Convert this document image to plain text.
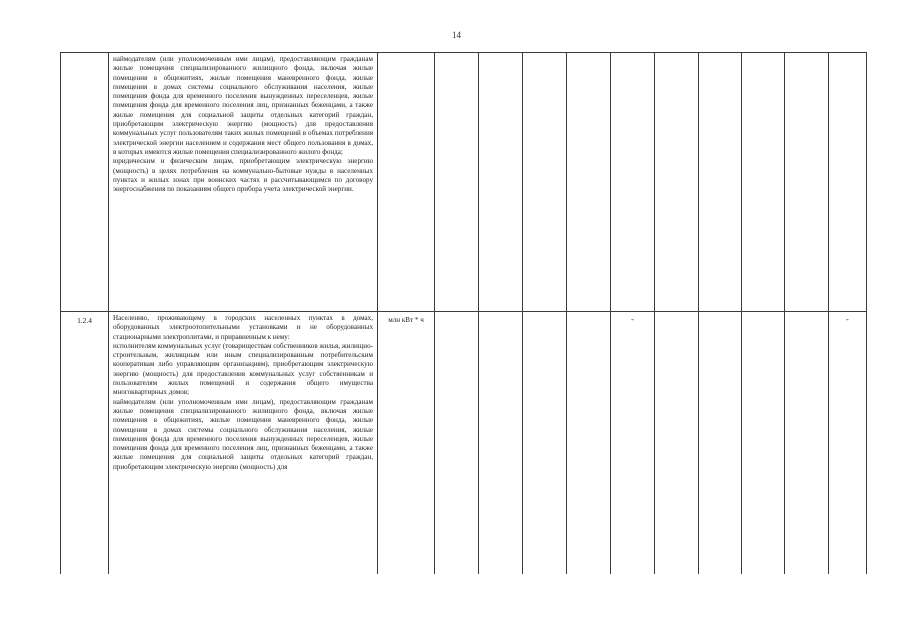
14

	наймодателям (или уполномоченным ими лицам), предоставляющим гражданам жилые помещения специализированного жилищного фонда, включая жилые помещения в общежитиях, жилые помещения маневренного фонда, жилые помещения в домах системы социального обслуживания населения, жилые помещения фонда для временного поселения вынужденных переселенцев, жилые помещения фонда для временного поселения лиц, признанных беженцами, а также жилые помещения для социальной защиты отдельных категорий граждан, приобретающим электрическую энергию (мощность) для предоставления коммунальных услуг пользователям таких жилых помещений в объемах потребления электрической энергии населением и содержания мест общего пользования в домах, в которых имеются жилые помещения специализированного жилого фонда;

юридическим и физическим лицам, приобретающим электрическую энергию (мощность) в целях потребления на коммунально-бытовые нужды в населенных пунктах и жилых зонах при воинских частях и рассчитывающимся по договору энергоснабжения по показаниям общего прибора учета электрической энергии.											

1.2.4	Населению, проживающему в городских населенных пунктах в домах, оборудованных электроотопительными установками и не оборудованных стационарными электроплитами, и приравненным к нему:

исполнителям коммунальных услуг (товариществам собственников жилья, жилищно-строительным, жилищным или иным специализированным потребительским кооперативам либо управляющим организациям), приобретающим электрическую энергию (мощность) для предоставления коммунальных услуг собственникам и пользователям жилых помещений и содержания общего имущества многоквартирных домов;

наймодателям (или уполномоченным ими лицам), предоставляющим гражданам жилые помещения специализированного жилищного фонда, включая жилые помещения в общежитиях, жилые помещения маневренного фонда, жилые помещения в домах системы социального обслуживания населения, жилые помещения фонда для временного поселения вынужденных переселенцев, жилые помещения фонда для временного поселения лиц, признанных беженцами, а также жилые помещения для социальной защиты отдельных категорий граждан, приобретающим электрическую энергию (мощность) для	млн кВт * ч					-					-
